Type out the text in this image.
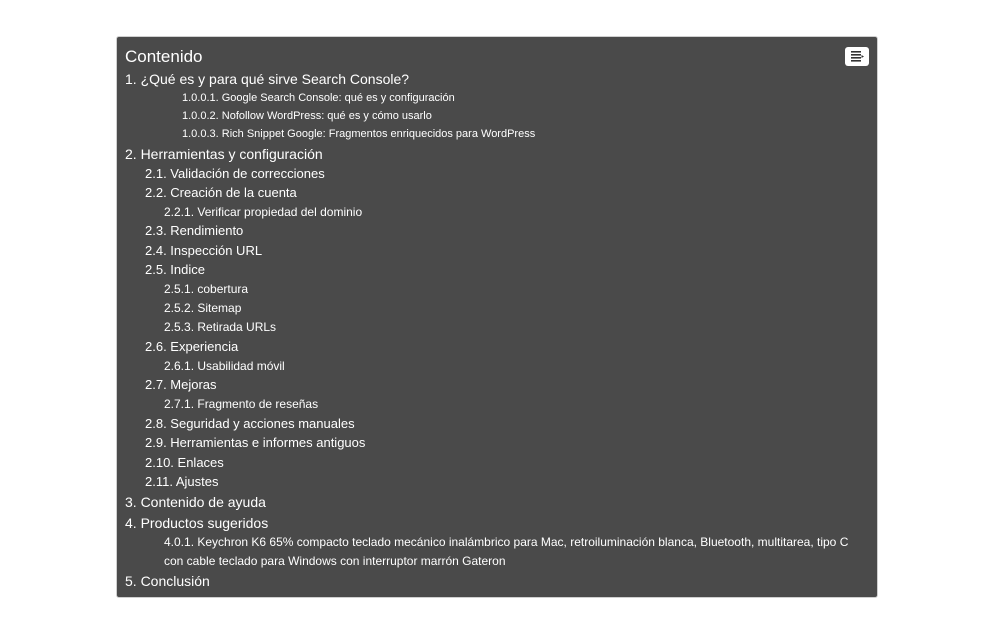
Contenido
1. ¿Qué es y para qué sirve Search Console?
1.0.0.1. Google Search Console: qué es y configuración
1.0.0.2. Nofollow WordPress: qué es y cómo usarlo
1.0.0.3. Rich Snippet Google: Fragmentos enriquecidos para WordPress
2. Herramientas y configuración
2.1. Validación de correcciones
2.2. Creación de la cuenta
2.2.1. Verificar propiedad del dominio
2.3. Rendimiento
2.4. Inspección URL
2.5. Indice
2.5.1. cobertura
2.5.2. Sitemap
2.5.3. Retirada URLs
2.6. Experiencia
2.6.1. Usabilidad móvil
2.7. Mejoras
2.7.1. Fragmento de reseñas
2.8. Seguridad y acciones manuales
2.9. Herramientas e informes antiguos
2.10. Enlaces
2.11. Ajustes
3. Contenido de ayuda
4. Productos sugeridos
4.0.1. Keychron K6 65% compacto teclado mecánico inalámbrico para Mac, retroiluminación blanca, Bluetooth, multitarea, tipo C con cable teclado para Windows con interruptor marrón Gateron
5. Conclusión
